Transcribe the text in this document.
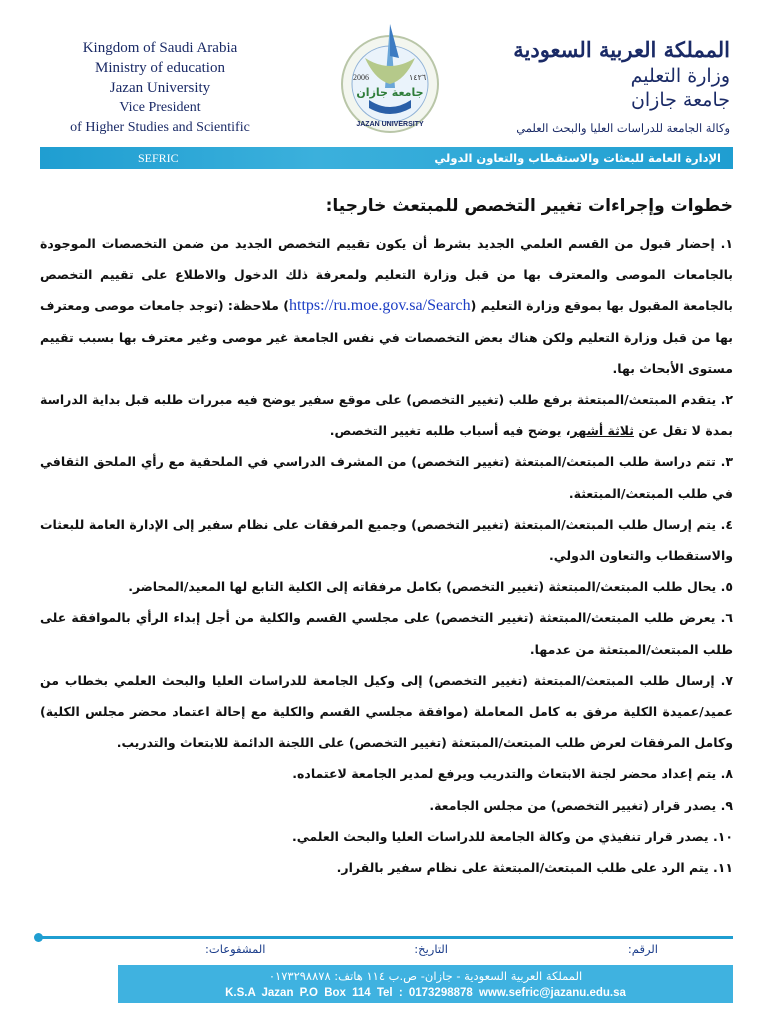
Kingdom of Saudi Arabia
Ministry of education
Jazan University
Vice President
of Higher Studies and Scientific
2006	١٤٢٦
جامعة جازان
JAZAN UNIVERSITY
المملكة العربية السعودية
وزارة التعليم
جامعة جازان
وكالة الجامعة للدراسات العليا والبحث العلمي
SEFRIC	الإدارة العامة للبعثات والاستقطاب والتعاون الدولي
خطوات وإجراءات تغيير التخصص للمبتعث خارجيا:

١. إحضار قبول من القسم العلمي الجديد بشرط أن يكون تقييم التخصص الجديد من ضمن التخصصات الموجودة بالجامعات الموصى والمعترف بها من قبل وزارة التعليم ولمعرفة ذلك الدخول والاطلاع على تقييم التخصص بالجامعة المقبول بها بموقع وزارة التعليم (https://ru.moe.gov.sa/Search) ملاحظة: (توجد جامعات موصى ومعترف بها من قبل وزارة التعليم ولكن هناك بعض التخصصات في نفس الجامعة غير موصى وغير معترف بها بسبب تقييم مستوى الأبحاث بها.

٢. يتقدم المبتعث/المبتعثة برفع طلب (تغيير التخصص) على موقع سفير يوضح فيه مبررات طلبه قبل بداية الدراسة بمدة لا تقل عن ثلاثة أشهر، يوضح فيه أسباب طلبه تغيير التخصص.

٣. تتم دراسة طلب المبتعث/المبتعثة (تغيير التخصص) من المشرف الدراسي في الملحقية مع رأي الملحق الثقافي في طلب المبتعث/المبتعثة.

٤. يتم إرسال طلب المبتعث/المبتعثة (تغيير التخصص) وجميع المرفقات على نظام سفير إلى الإدارة العامة للبعثات والاستقطاب والتعاون الدولي.

٥. يحال طلب المبتعث/المبتعثة (تغيير التخصص) بكامل مرفقاته إلى الكلية التابع لها المعيد/المحاضر.

٦. يعرض طلب المبتعث/المبتعثة (تغيير التخصص) على مجلسي القسم والكلية من أجل إبداء الرأي بالموافقة على طلب المبتعث/المبتعثة من عدمها.

٧. إرسال طلب المبتعث/المبتعثة (تغيير التخصص) إلى وكيل الجامعة للدراسات العليا والبحث العلمي بخطاب من عميد/عميدة الكلية مرفق به كامل المعاملة (موافقة مجلسي القسم والكلية مع إحالة اعتماد محضر مجلس الكلية) وكامل المرفقات لعرض طلب المبتعث/المبتعثة (تغيير التخصص) على اللجنة الدائمة للابتعاث والتدريب.

٨. يتم إعداد محضر لجنة الابتعاث والتدريب ويرفع لمدير الجامعة لاعتماده.

٩. يصدر قرار (تغيير التخصص) من مجلس الجامعة.

١٠. يصدر قرار تنفيذي من وكالة الجامعة للدراسات العليا والبحث العلمي.

١١. يتم الرد على طلب المبتعث/المبتعثة على نظام سفير بالقرار.

الرقم:
التاريخ:
المشفوعات:
المملكة العربية السعودية - جازان- ص.ب ١١٤ هاتف: ٠١٧٣٢٩٨٨٧٨
K.S.A Jazan P.O Box 114 Tel : 0173298878 www.sefric@jazanu.edu.sa
